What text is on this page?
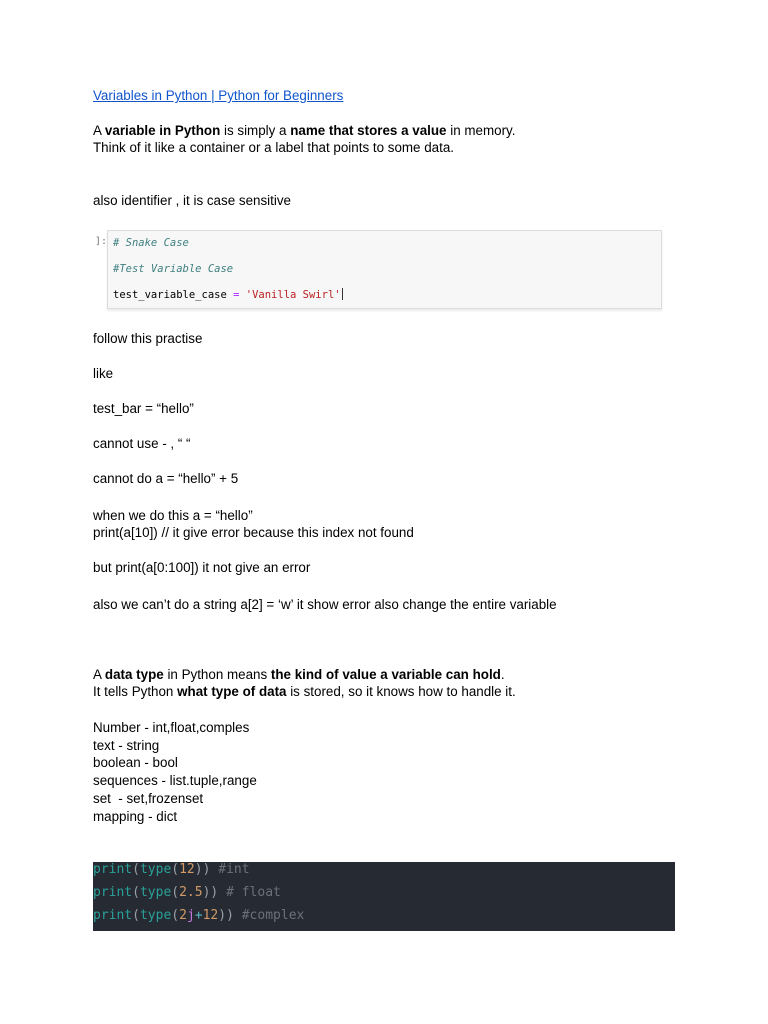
Variables in Python | Python for Beginners
A variable in Python is simply a name that stores a value in memory.
Think of it like a container or a label that points to some data.
also identifier , it is case sensitive
]: # Snake Case
#Test Variable Case
test_variable_case = 'Vanilla Swirl'
follow this practise
like
test_bar = “hello”
cannot use - , “ “
cannot do a = “hello” + 5
when we do this a = “hello”
print(a[10]) // it give error because this index not found
but print(a[0:100]) it not give an error
also we can’t do a string a[2] = ‘w’ it show error also change the entire variable
A data type in Python means the kind of value a variable can hold.
It tells Python what type of data is stored, so it knows how to handle it.
Number - int,float,comples
text - string
boolean - bool
sequences - list.tuple,range
set  - set,frozenset
mapping - dict
print(type(12)) #int
print(type(2.5)) # float
print(type(2j+12)) #complex
